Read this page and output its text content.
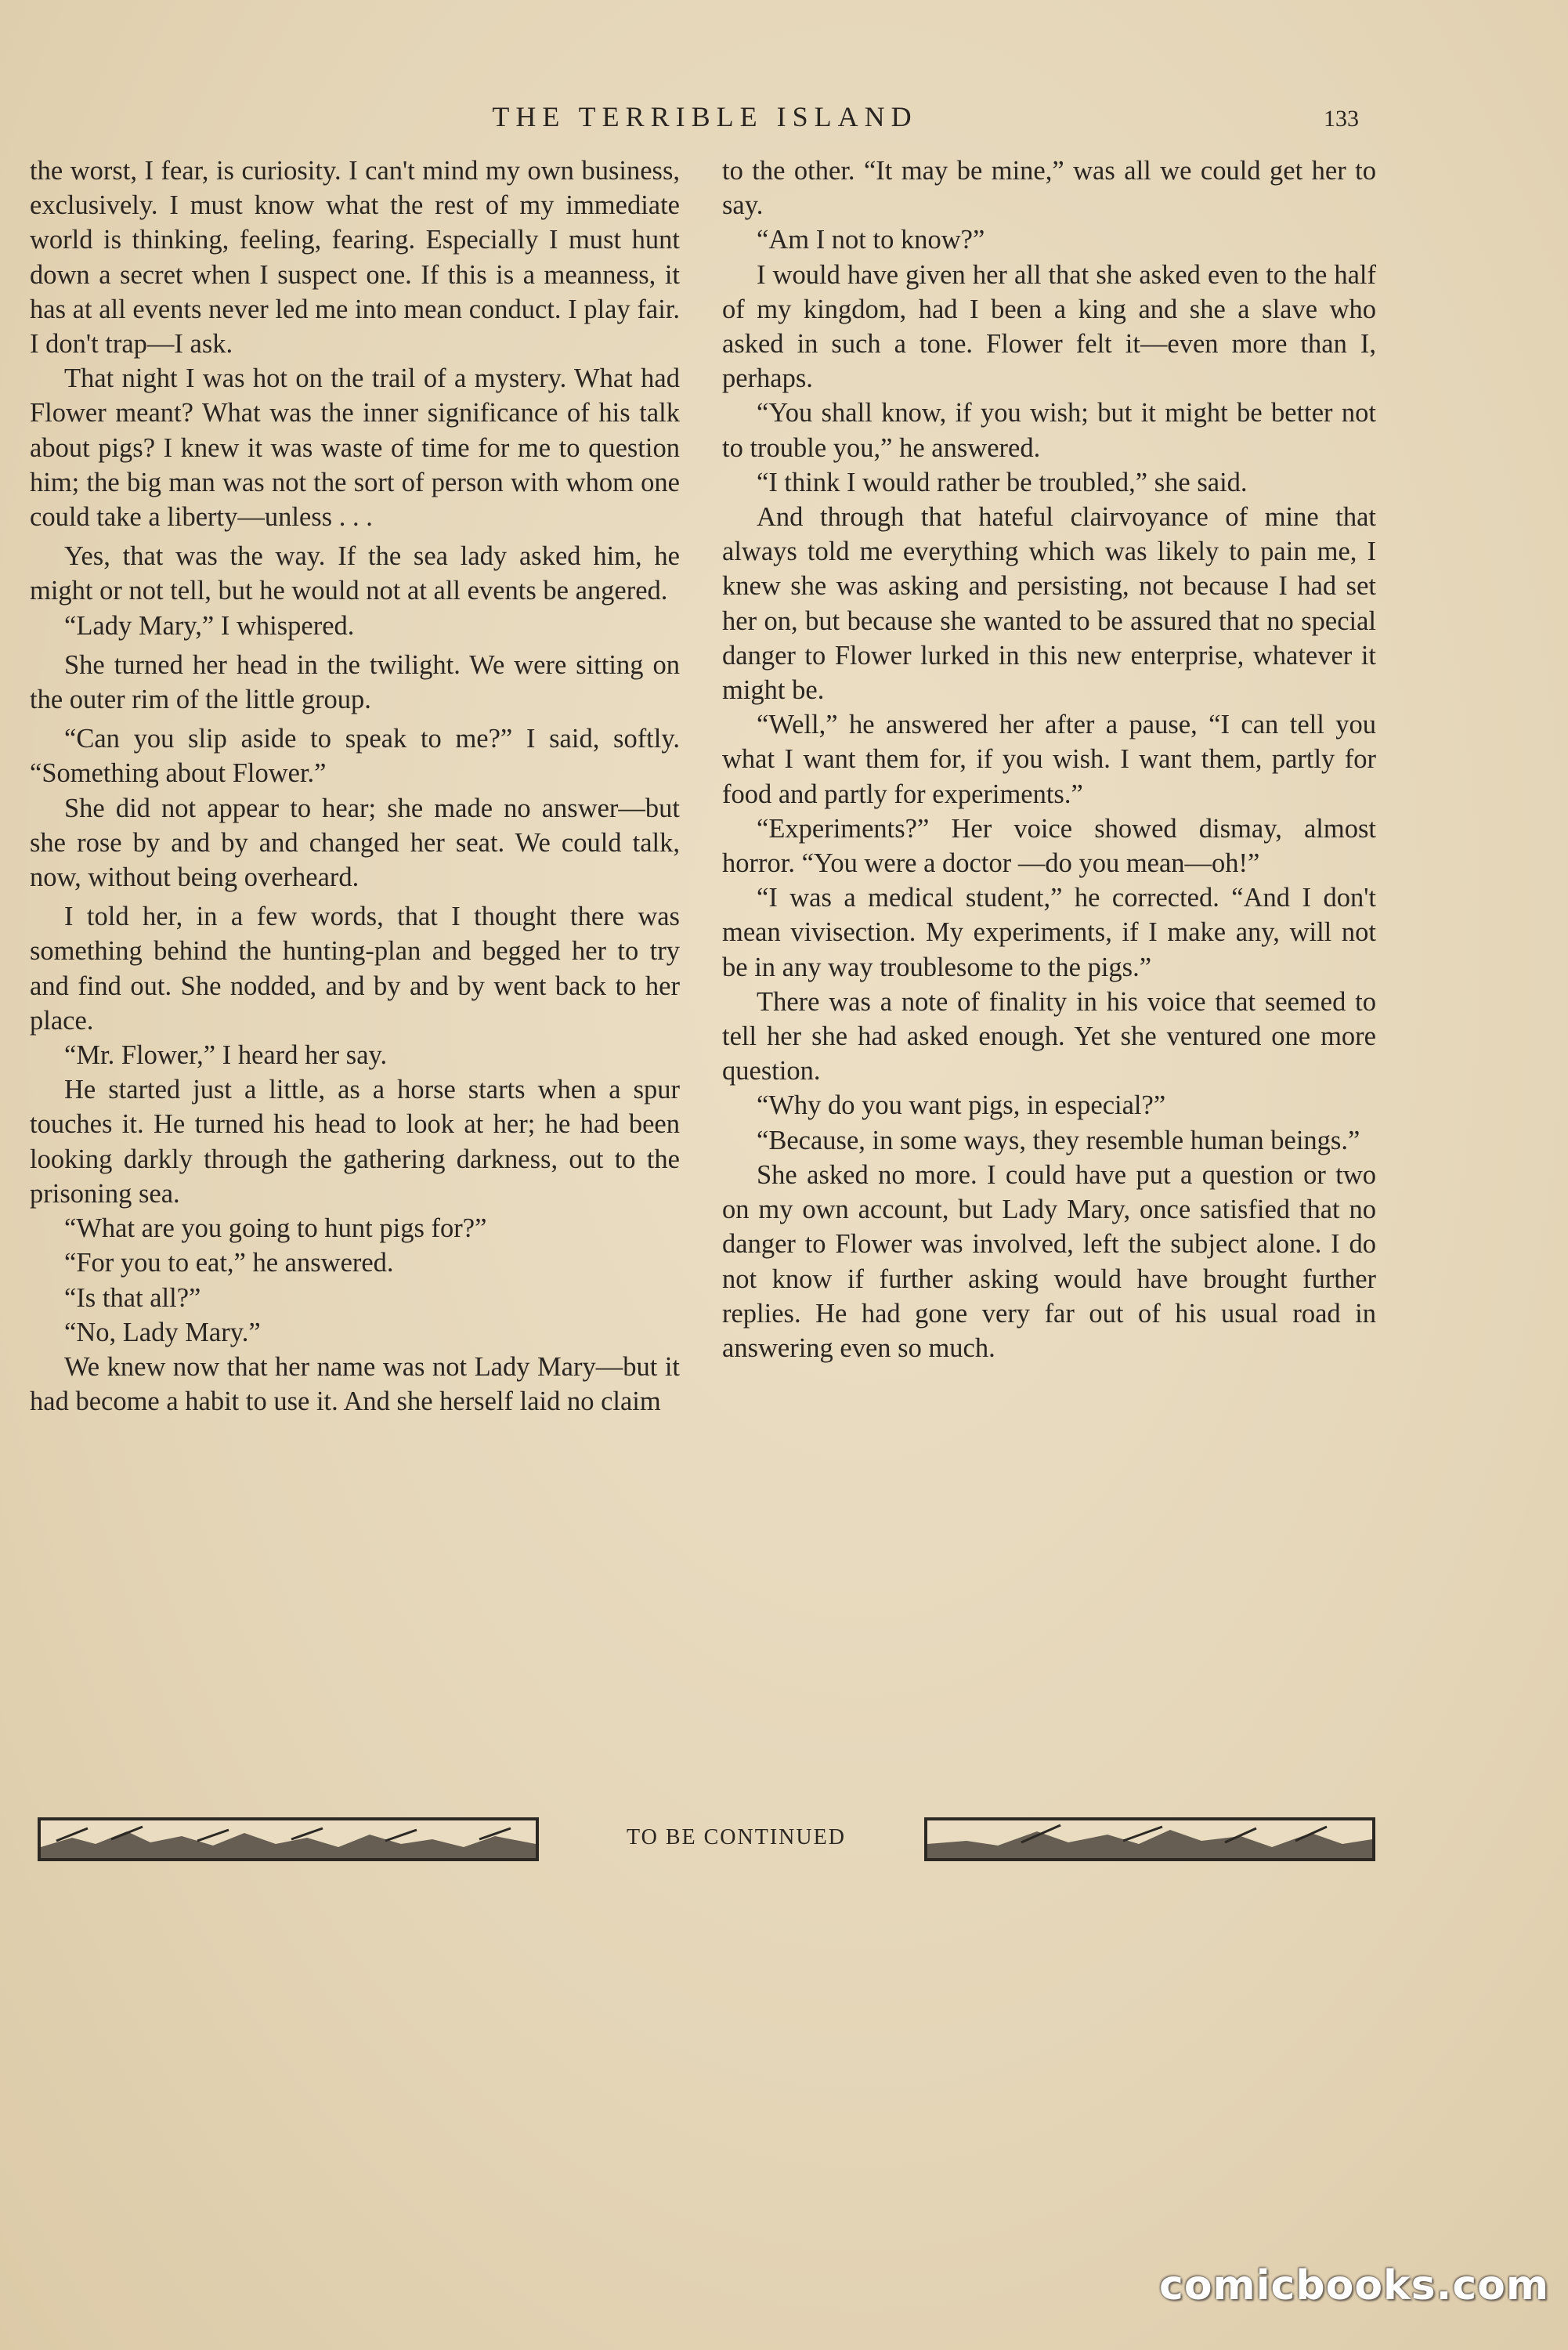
THE TERRIBLE ISLAND	133

the worst, I fear, is curiosity. I can't mind my own business, exclusively. I must know what the rest of my immediate world is thinking, feeling, fearing. Especially I must hunt down a secret when I suspect one. If this is a meanness, it has at all events never led me into mean conduct. I play fair. I don't trap—I ask.

That night I was hot on the trail of a mystery. What had Flower meant? What was the inner significance of his talk about pigs? I knew it was waste of time for me to question him; the big man was not the sort of person with whom one could take a liberty—unless . . .

Yes, that was the way. If the sea lady asked him, he might or not tell, but he would not at all events be angered.

“Lady Mary,” I whispered.

She turned her head in the twilight. We were sitting on the outer rim of the little group.

“Can you slip aside to speak to me?” I said, softly. “Something about Flower.”

She did not appear to hear; she made no answer—but she rose by and by and changed her seat. We could talk, now, without being overheard.

I told her, in a few words, that I thought there was something behind the hunting-plan and begged her to try and find out. She nodded, and by and by went back to her place.

“Mr. Flower,” I heard her say.

He started just a little, as a horse starts when a spur touches it. He turned his head to look at her; he had been looking darkly through the gathering darkness, out to the prisoning sea.

“What are you going to hunt pigs for?”

“For you to eat,” he answered.

“Is that all?”

“No, Lady Mary.”

We knew now that her name was not Lady Mary—but it had become a habit to use it. And she herself laid no claim

to the other. “It may be mine,” was all we could get her to say.

“Am I not to know?”

I would have given her all that she asked even to the half of my kingdom, had I been a king and she a slave who asked in such a tone. Flower felt it—even more than I, perhaps.

“You shall know, if you wish; but it might be better not to trouble you,” he answered.

“I think I would rather be troubled,” she said.

And through that hateful clairvoyance of mine that always told me everything which was likely to pain me, I knew she was asking and persisting, not because I had set her on, but because she wanted to be assured that no special danger to Flower lurked in this new enterprise, whatever it might be.

“Well,” he answered her after a pause, “I can tell you what I want them for, if you wish. I want them, partly for food and partly for experiments.”

“Experiments?” Her voice showed dismay, almost horror. “You were a doctor —do you mean—oh!”

“I was a medical student,” he corrected. “And I don't mean vivisection. My experiments, if I make any, will not be in any way troublesome to the pigs.”

There was a note of finality in his voice that seemed to tell her she had asked enough. Yet she ventured one more question.

“Why do you want pigs, in especial?”

“Because, in some ways, they resemble human beings.”

She asked no more. I could have put a question or two on my own account, but Lady Mary, once satisfied that no danger to Flower was involved, left the subject alone. I do not know if further asking would have brought further replies. He had gone very far out of his usual road in answering even so much.

TO BE CONTINUED
comicbooks.com
